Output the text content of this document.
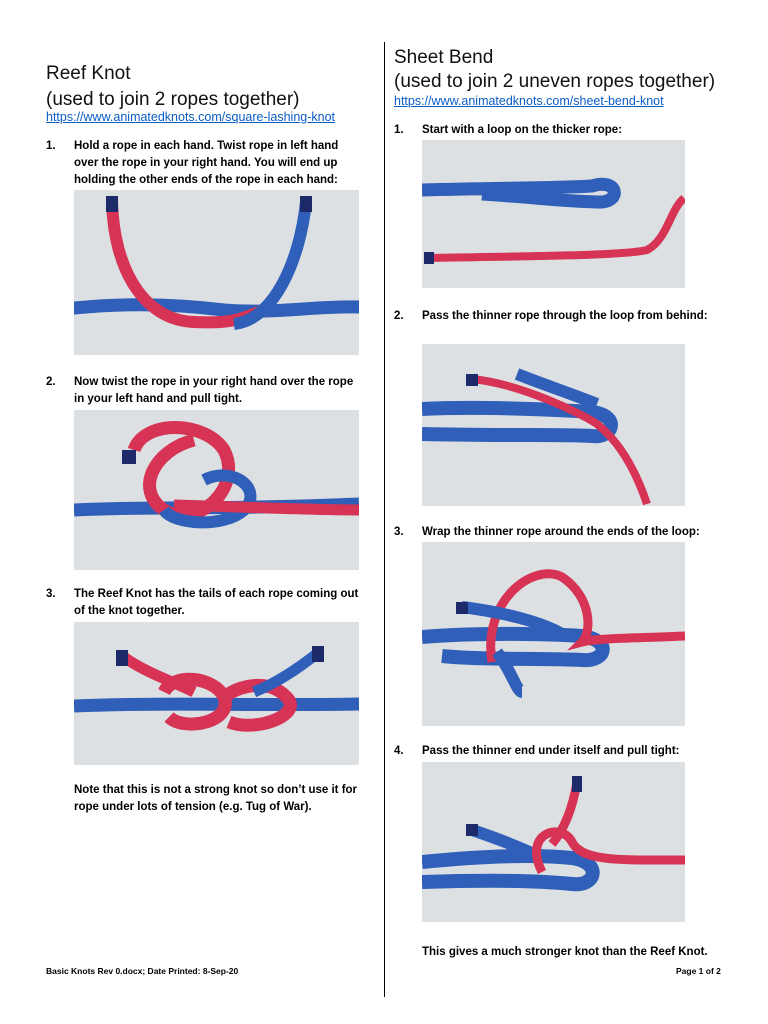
Reef Knot
(used to join 2 ropes together)
https://www.animatedknots.com/square-lashing-knot
1. Hold a rope in each hand. Twist rope in left hand over the rope in your right hand. You will end up holding the other ends of the rope in each hand:
2. Now twist the rope in your right hand over the rope in your left hand and pull tight.
3. The Reef Knot has the tails of each rope coming out of the knot together.
Note that this is not a strong knot so don’t use it for rope under lots of tension (e.g. Tug of War).
Basic Knots Rev 0.docx; Date Printed: 8-Sep-20
Sheet Bend
(used to join 2 uneven ropes together)
https://www.animatedknots.com/sheet-bend-knot
1. Start with a loop on the thicker rope:
2. Pass the thinner rope through the loop from behind:
3. Wrap the thinner rope around the ends of the loop:
4. Pass the thinner end under itself and pull tight:
This gives a much stronger knot than the Reef Knot.
Page 1 of 2
